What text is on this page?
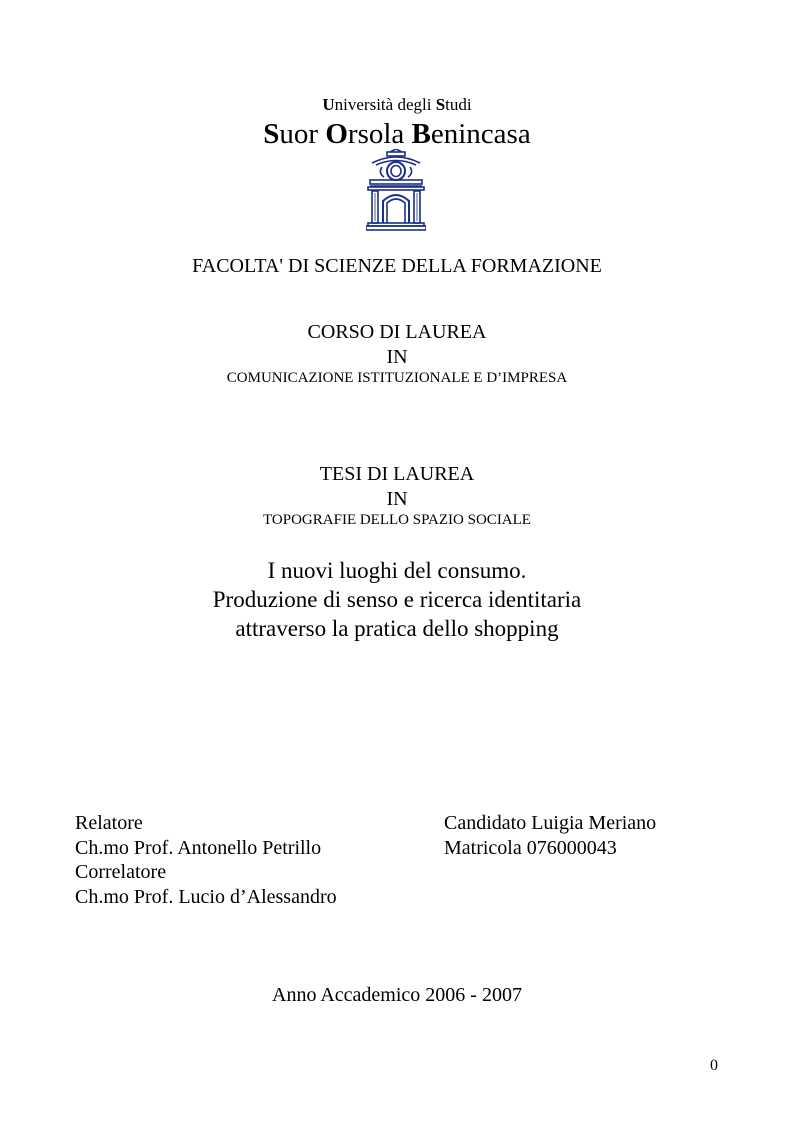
Università degli Studi
Suor Orsola Benincasa
FACOLTA' DI SCIENZE DELLA FORMAZIONE
CORSO DI LAUREA
IN
COMUNICAZIONE ISTITUZIONALE E D’IMPRESA
TESI DI LAUREA
IN
TOPOGRAFIE DELLO SPAZIO SOCIALE
I nuovi luoghi del consumo.
Produzione di senso e ricerca identitaria
attraverso la pratica dello shopping
Relatore
Ch.mo Prof. Antonello Petrillo
Correlatore
Ch.mo Prof. Lucio d’Alessandro
Candidato Luigia Meriano
Matricola 076000043
Anno Accademico 2006 - 2007
0
